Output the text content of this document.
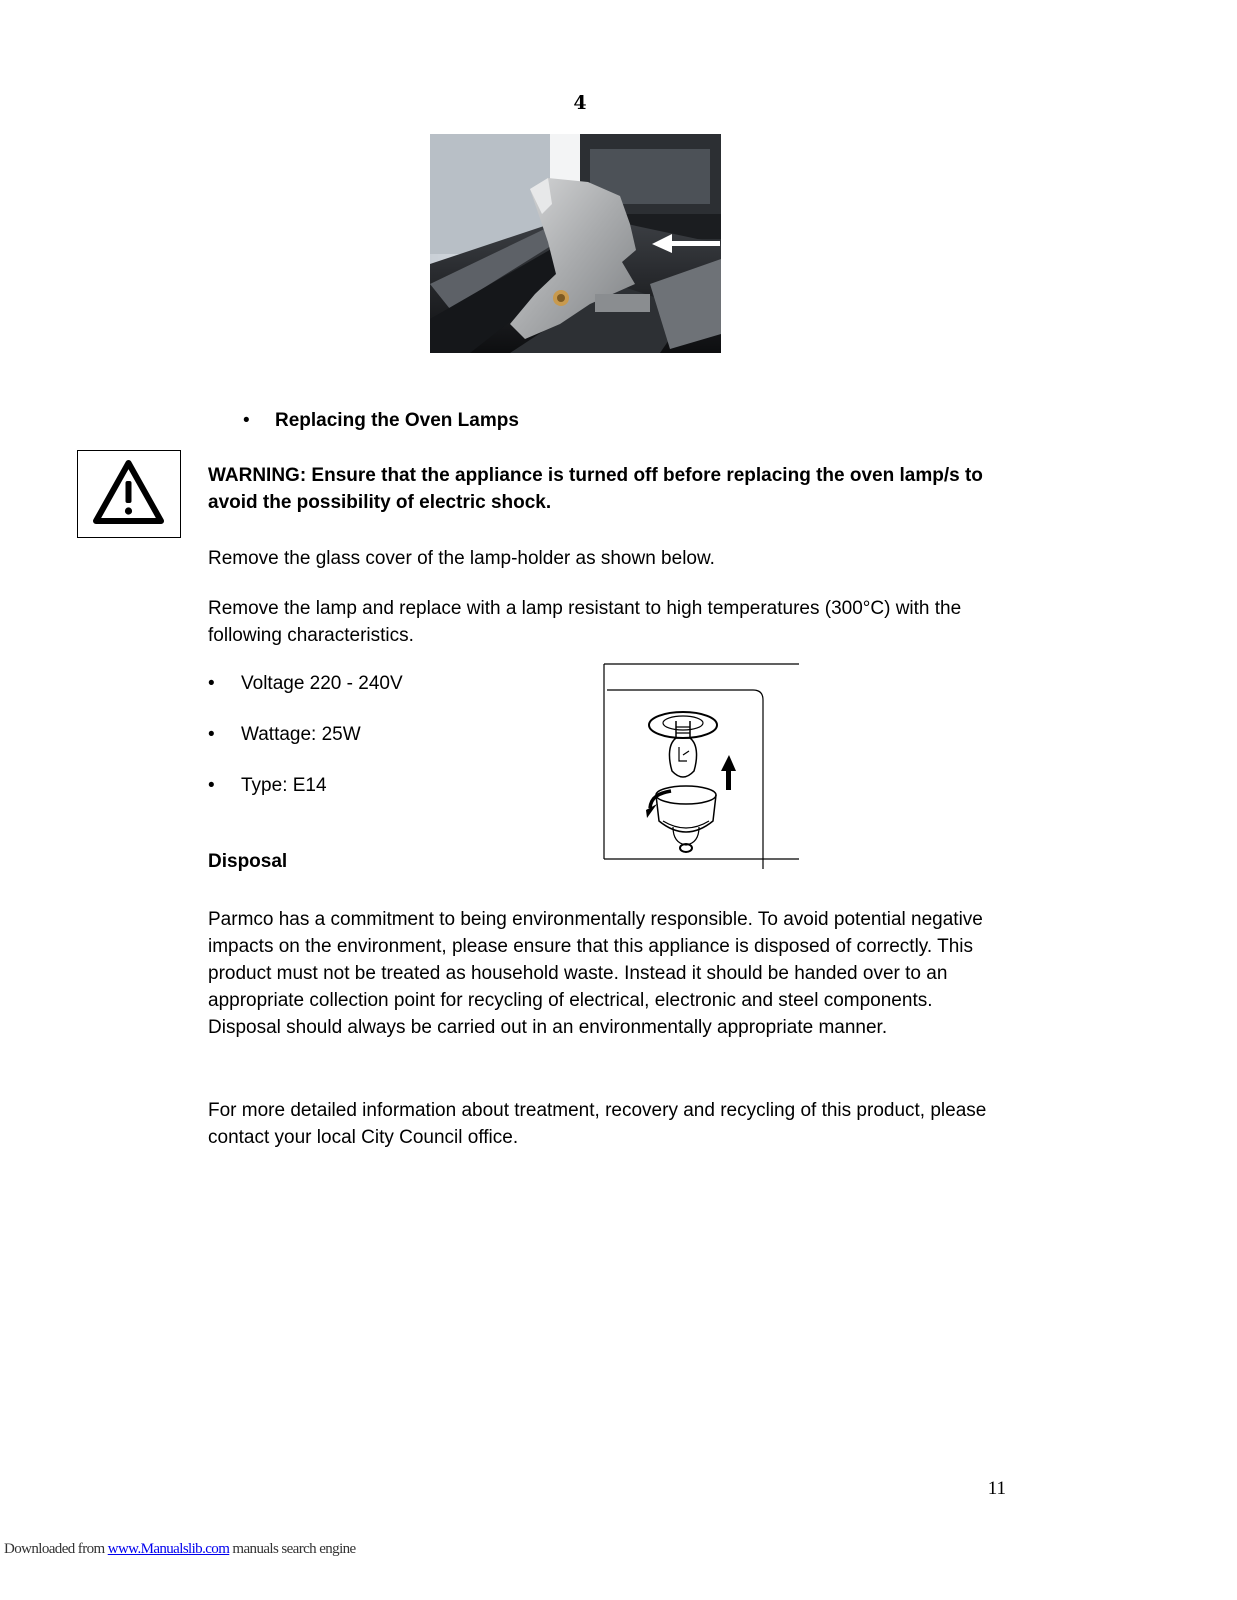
4
• Replacing the Oven Lamps
WARNING: Ensure that the appliance is turned off before replacing the oven lamp/s to avoid the possibility of electric shock.
Remove the glass cover of the lamp-holder as shown below.
Remove the lamp and replace with a lamp resistant to high temperatures (300°C) with the following characteristics.
• Voltage 220 - 240V
• Wattage: 25W
• Type: E14
Disposal
Parmco has a commitment to being environmentally responsible. To avoid potential negative impacts on the environment, please ensure that this appliance is disposed of correctly. This product must not be treated as household waste. Instead it should be handed over to an appropriate collection point for recycling of electrical, electronic and steel components. Disposal should always be carried out in an environmentally appropriate manner.
For more detailed information about treatment, recovery and recycling of this product, please contact your local City Council office.
11
Downloaded from www.Manualslib.com manuals search engine
